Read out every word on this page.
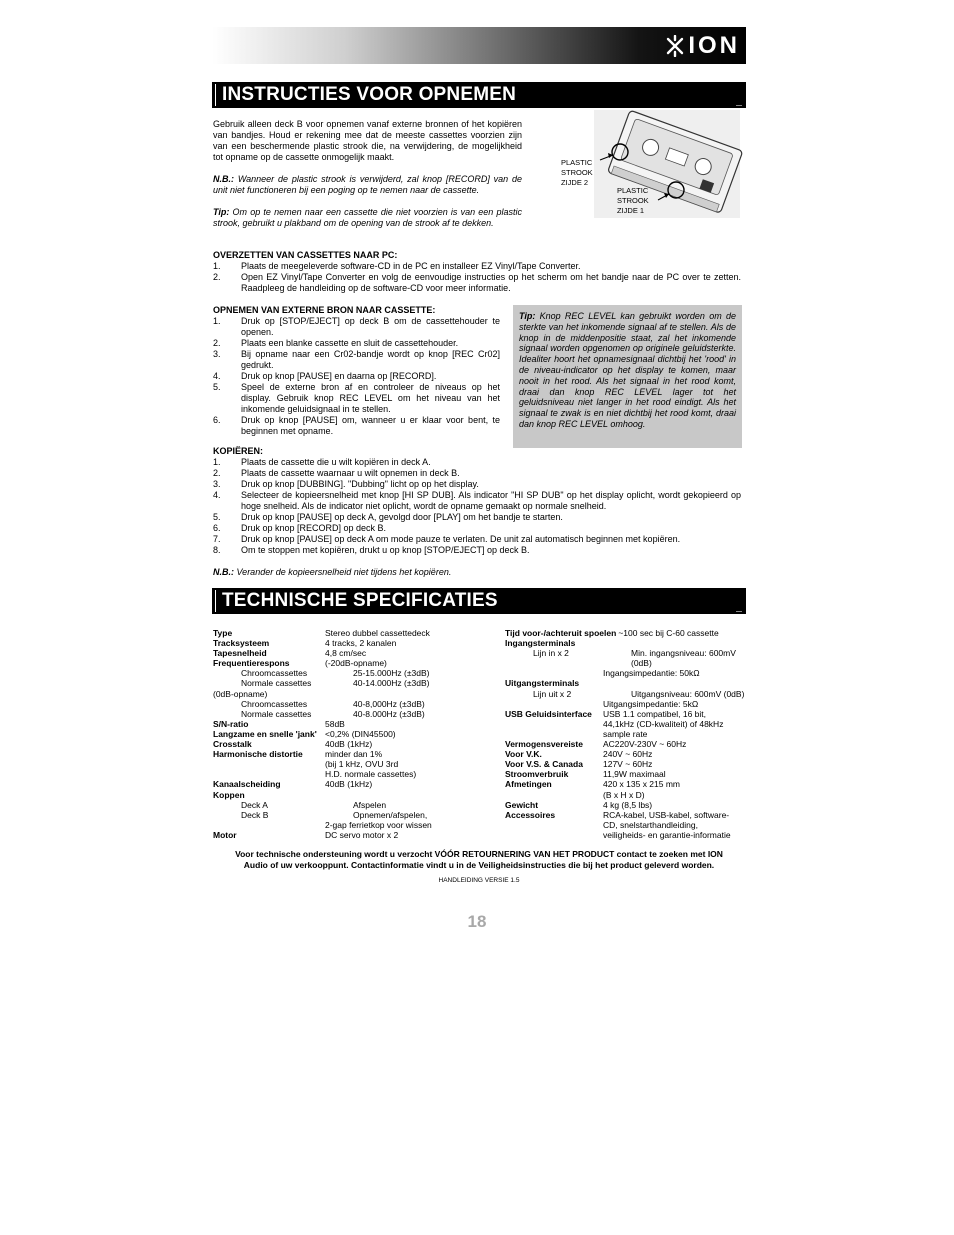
ION
INSTRUCTIES VOOR OPNEMEN

Gebruik alleen deck B voor opnemen vanaf externe bronnen of het kopiëren van bandjes. Houd er rekening mee dat de meeste cassettes voorzien zijn van een beschermende plastic strook die, na verwijdering, de mogelijkheid tot opname op de cassette onmogelijk maakt.

N.B.: Wanneer de plastic strook is verwijderd, zal knop [RECORD] van de unit niet functioneren bij een poging op te nemen naar de cassette.

Tip: Om op te nemen naar een cassette die niet voorzien is van een plastic strook, gebruikt u plakband om de opening van de strook af te dekken.

PLASTIC
STROOK
ZIJDE 2
PLASTIC
STROOK
ZIJDE 1
OVERZETTEN VAN CASSETTES NAAR PC:
1. Plaats de meegeleverde software-CD in de PC en installeer EZ Vinyl/Tape Converter.
2. Open EZ Vinyl/Tape Converter en volg de eenvoudige instructies op het scherm om het bandje naar de PC over te zetten. Raadpleeg de handleiding op de software-CD voor meer informatie.
OPNEMEN VAN EXTERNE BRON NAAR CASSETTE:
1. Druk op [STOP/EJECT] op deck B om de cassettehouder te openen.
2. Plaats een blanke cassette en sluit de cassettehouder.
3. Bij opname naar een Cr02-bandje wordt op knop [REC Cr02] gedrukt.
4. Druk op knop [PAUSE] en daarna op [RECORD].
5. Speel de externe bron af en controleer de niveaus op het display. Gebruik knop REC LEVEL om het niveau van het inkomende geluidsignaal in te stellen.
6. Druk op knop [PAUSE] om, wanneer u er klaar voor bent, te beginnen met opname.

Tip: Knop REC LEVEL kan gebruikt worden om de sterkte van het inkomende signaal af te stellen. Als de knop in de middenpositie staat, zal het inkomende signaal worden opgenomen op originele geluidsterkte. Idealiter hoort het opnamesignaal dichtbij het 'rood' in de niveau-indicator op het display te komen, maar nooit in het rood. Als het signaal in het rood komt, draai dan knop REC LEVEL lager tot het geluidsniveau niet langer in het rood eindigt. Als het signaal te zwak is en niet dichtbij het rood komt, draai dan knop REC LEVEL omhoog.

KOPIËREN:
1. Plaats de cassette die u wilt kopiëren in deck A.
2. Plaats de cassette waarnaar u wilt opnemen in deck B.
3. Druk op knop [DUBBING]. "Dubbing" licht op op het display.
4. Selecteer de kopieersnelheid met knop [HI SP DUB]. Als indicator "HI SP DUB" op het display oplicht, wordt gekopieerd op hoge snelheid. Als de indicator niet oplicht, wordt de opname gemaakt op normale snelheid.
5. Druk op knop [PAUSE] op deck A, gevolgd door [PLAY] om het bandje te starten.
6. Druk op knop [RECORD] op deck B.
7. Druk op knop [PAUSE] op deck A om mode pauze te verlaten. De unit zal automatisch beginnen met kopiëren.
8. Om te stoppen met kopiëren, drukt u op knop [STOP/EJECT] op deck B.

N.B.: Verander de kopieersnelheid niet tijdens het kopiëren.

TECHNISCHE SPECIFICATIES
Type	Stereo dubbel cassettedeck
Tracksysteem	4 tracks, 2 kanalen
Tapesnelheid	4,8 cm/sec
Frequentierespons	(-20dB-opname)
Chroomcassettes	25-15.000Hz (±3dB)
Normale cassettes	40-14.000Hz (±3dB)
(0dB-opname)
Chroomcassettes	40-8,000Hz (±3dB)
Normale cassettes	40-8.000Hz (±3dB)
S/N-ratio	58dB
Langzame en snelle 'jank' <0,2% (DIN45500)
Crosstalk	40dB (1kHz)
Harmonische distortie	minder dan 1%
(bij 1 kHz, OVU 3rd
H.D. normale cassettes)
Kanaalscheiding	40dB (1kHz)
Koppen
Deck A	Afspelen
Deck B	Opnemen/afspelen,
2-gap ferrietkop voor wissen
Motor	DC servo motor x 2
Tijd voor-/achteruit spoelen ~100 sec bij C-60 cassette
Ingangsterminals
Lijn in x 2	Min. ingangsniveau: 600mV (0dB)
Ingangsimpedantie: 50kΩ
Uitgangsterminals
Lijn uit x 2	Uitgangsniveau: 600mV (0dB)
Uitgangsimpedantie: 5kΩ
USB Geluidsinterface	USB 1.1 compatibel, 16 bit,
44,1kHz (CD-kwaliteit) of 48kHz
sample rate
Vermogensvereiste	AC220V-230V ~ 60Hz
Voor V.K.	240V ~ 60Hz
Voor V.S. & Canada	127V ~ 60Hz
Stroomverbruik	11,9W maximaal
Afmetingen	420 x 135 x 215 mm
(B x H x D)
Gewicht	4 kg (8,5 lbs)
Accessoires	RCA-kabel, USB-kabel, software-
CD, snelstarthandleiding,
veiligheids- en garantie-informatie
Voor technische ondersteuning wordt u verzocht VÓÓR RETOURNERING VAN HET PRODUCT contact te zoeken met ION
Audio of uw verkooppunt. Contactinformatie vindt u in de Veiligheidsinstructies die bij het product geleverd worden.
HANDLEIDING VERSIE 1.5
18
